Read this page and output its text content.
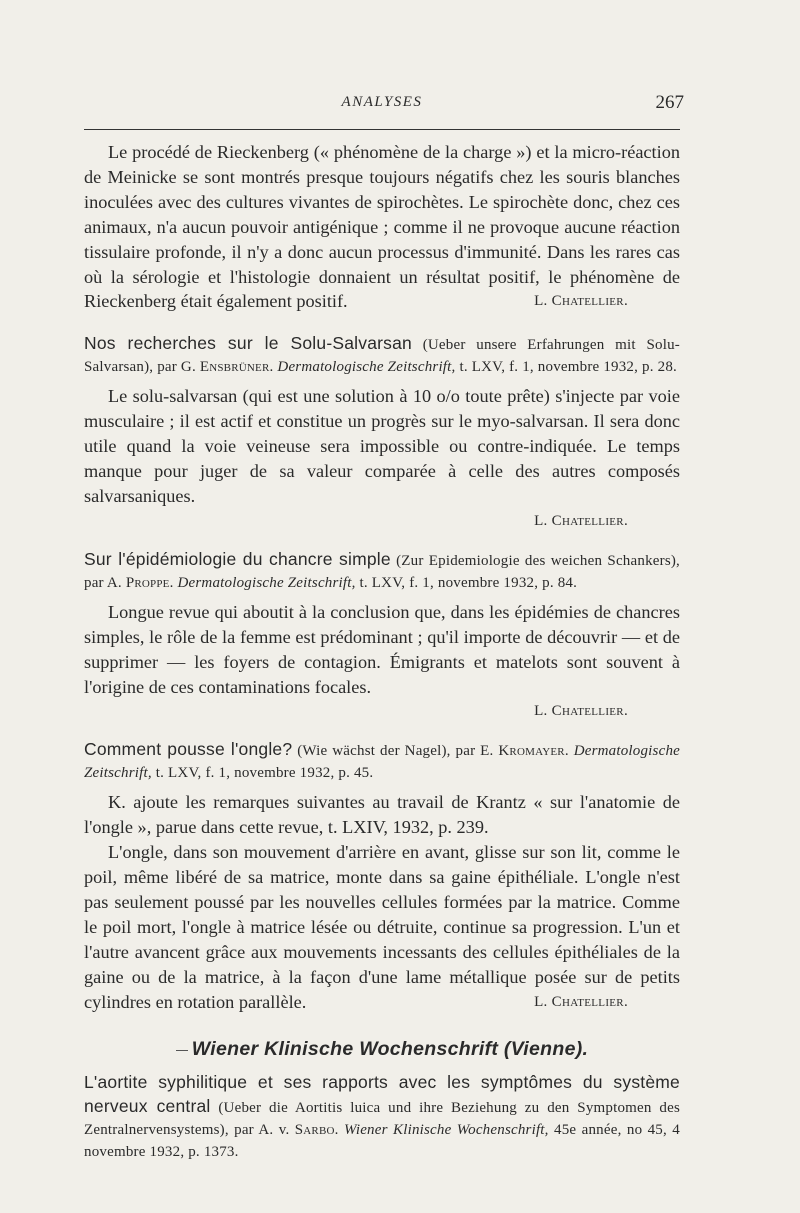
ANALYSES	267

Le procédé de Rieckenberg (« phénomène de la charge ») et la micro-réaction de Meinicke se sont montrés presque toujours négatifs chez les souris blanches inoculées avec des cultures vivantes de spirochètes. Le spirochète donc, chez ces animaux, n'a aucun pouvoir antigénique ; comme il ne provoque aucune réaction tissulaire profonde, il n'y a donc aucun processus d'immunité. Dans les rares cas où la sérologie et l'histologie donnaient un résultat positif, le phénomène de Rieckenberg était également positif.	L. Chatellier.

Nos recherches sur le Solu-Salvarsan (Ueber unsere Erfahrungen mit Solu-Salvarsan), par G. Ensbrüner. Dermatologische Zeitschrift, t. LXV, f. 1, novembre 1932, p. 28.

Le solu-salvarsan (qui est une solution à 10 o/o toute prête) s'injecte par voie musculaire ; il est actif et constitue un progrès sur le myo-salvarsan. Il sera donc utile quand la voie veineuse sera impossible ou contre-indiquée. Le temps manque pour juger de sa valeur comparée à celle des autres composés salvarsaniques.

L. Chatellier.

Sur l'épidémiologie du chancre simple (Zur Epidemiologie des weichen Schankers), par A. Proppe. Dermatologische Zeitschrift, t. LXV, f. 1, novembre 1932, p. 84.

Longue revue qui aboutit à la conclusion que, dans les épidémies de chancres simples, le rôle de la femme est prédominant ; qu'il importe de découvrir — et de supprimer — les foyers de contagion. Émigrants et matelots sont souvent à l'origine de ces contaminations focales.

L. Chatellier.

Comment pousse l'ongle? (Wie wächst der Nagel), par E. Kromayer. Dermatologische Zeitschrift, t. LXV, f. 1, novembre 1932, p. 45.

K. ajoute les remarques suivantes au travail de Krantz « sur l'anatomie de l'ongle », parue dans cette revue, t. LXIV, 1932, p. 239.

L'ongle, dans son mouvement d'arrière en avant, glisse sur son lit, comme le poil, même libéré de sa matrice, monte dans sa gaine épithéliale. L'ongle n'est pas seulement poussé par les nouvelles cellules formées par la matrice. Comme le poil mort, l'ongle à matrice lésée ou détruite, continue sa progression. L'un et l'autre avancent grâce aux mouvements incessants des cellules épithéliales de la gaine ou de la matrice, à la façon d'une lame métallique posée sur de petits cylindres en rotation parallèle.	L. Chatellier.

Wiener Klinische Wochenschrift (Vienne).

L'aortite syphilitique et ses rapports avec les symptômes du système nerveux central (Ueber die Aortitis luica und ihre Beziehung zu den Symptomen des Zentralnervensystems), par A. v. Sarbo. Wiener Klinische Wochenschrift, 45e année, no 45, 4 novembre 1932, p. 1373.
